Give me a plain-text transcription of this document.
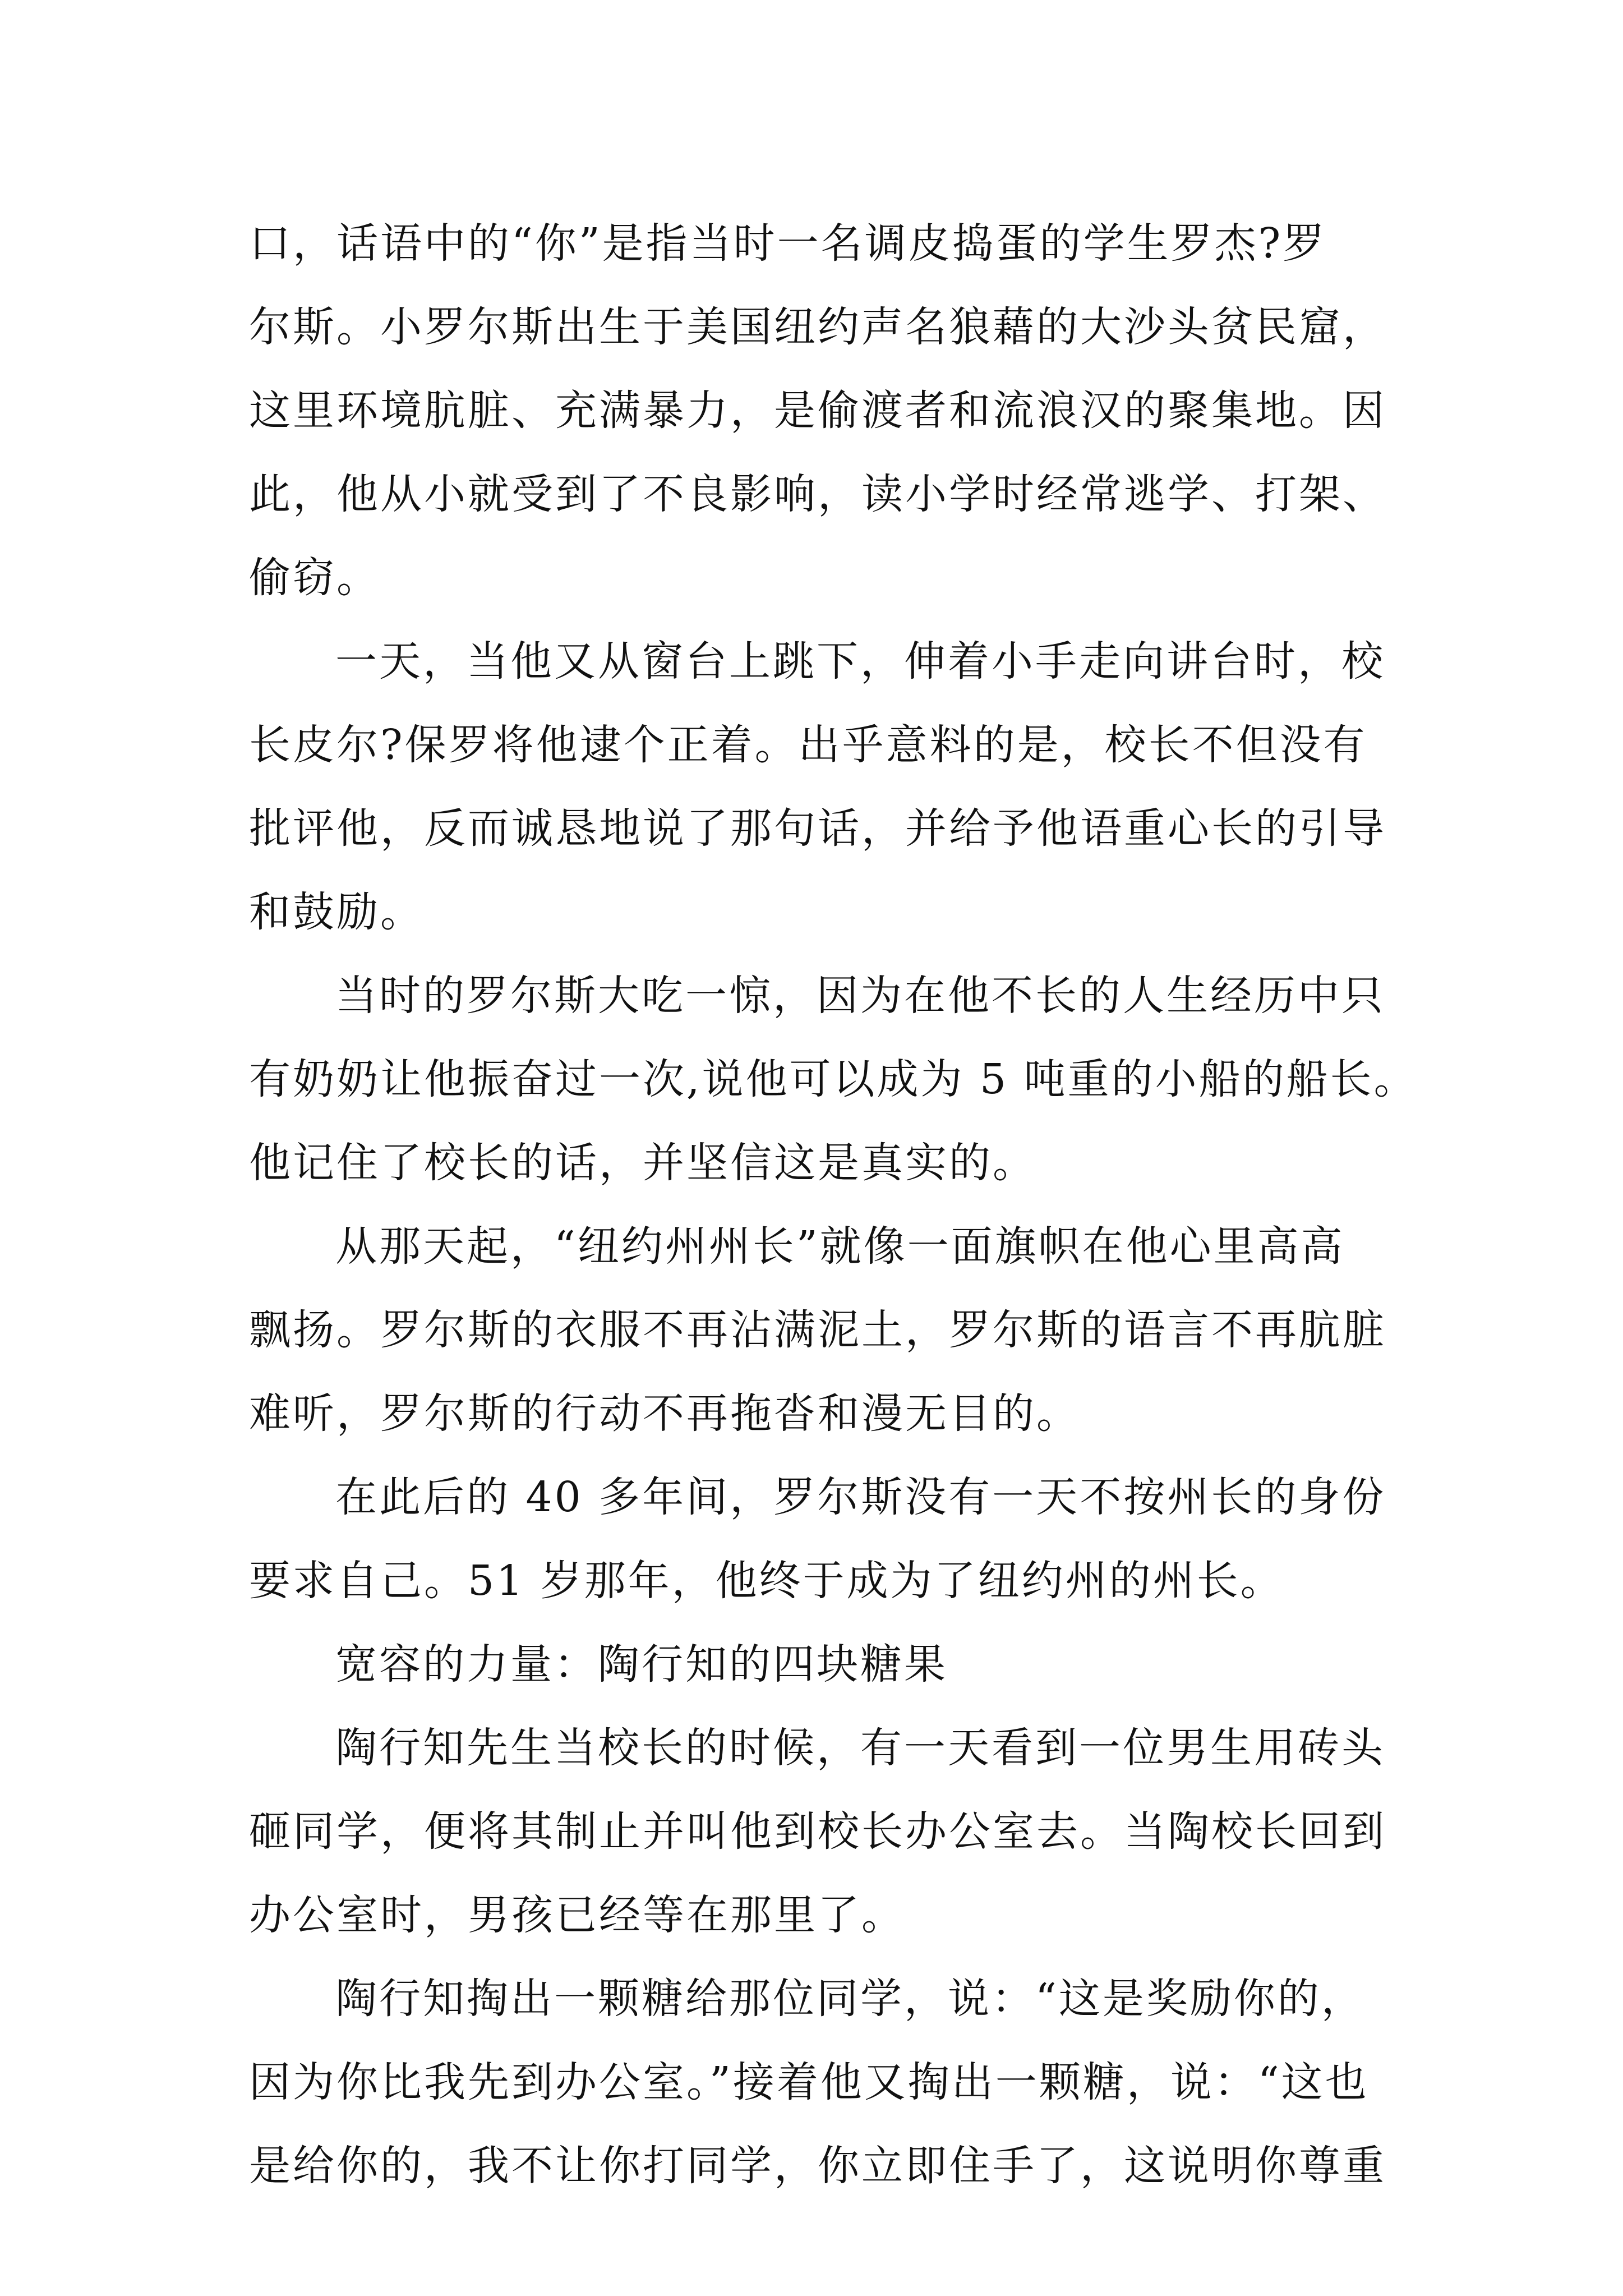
口，话语中的“你”是指当时一名调皮捣蛋的学生罗杰?罗
尔斯。小罗尔斯出生于美国纽约声名狼藉的大沙头贫民窟，
这里环境肮脏、充满暴力，是偷渡者和流浪汉的聚集地。因
此，他从小就受到了不良影响，读小学时经常逃学、打架、
偷窃。
一天，当他又从窗台上跳下，伸着小手走向讲台时，校
长皮尔?保罗将他逮个正着。出乎意料的是，校长不但没有
批评他，反而诚恳地说了那句话，并给予他语重心长的引导
和鼓励。
当时的罗尔斯大吃一惊，因为在他不长的人生经历中只
有奶奶让他振奋过一次,说他可以成为 5 吨重的小船的船长。
他记住了校长的话，并坚信这是真实的。
从那天起，“纽约州州长”就像一面旗帜在他心里高高
飘扬。罗尔斯的衣服不再沾满泥土，罗尔斯的语言不再肮脏
难听，罗尔斯的行动不再拖沓和漫无目的。
在此后的 40 多年间，罗尔斯没有一天不按州长的身份
要求自己。51 岁那年，他终于成为了纽约州的州长。
宽容的力量：陶行知的四块糖果
陶行知先生当校长的时候，有一天看到一位男生用砖头
砸同学，便将其制止并叫他到校长办公室去。当陶校长回到
办公室时，男孩已经等在那里了。
陶行知掏出一颗糖给那位同学，说：“这是奖励你的，
因为你比我先到办公室。”接着他又掏出一颗糖，说：“这也
是给你的，我不让你打同学，你立即住手了，这说明你尊重
